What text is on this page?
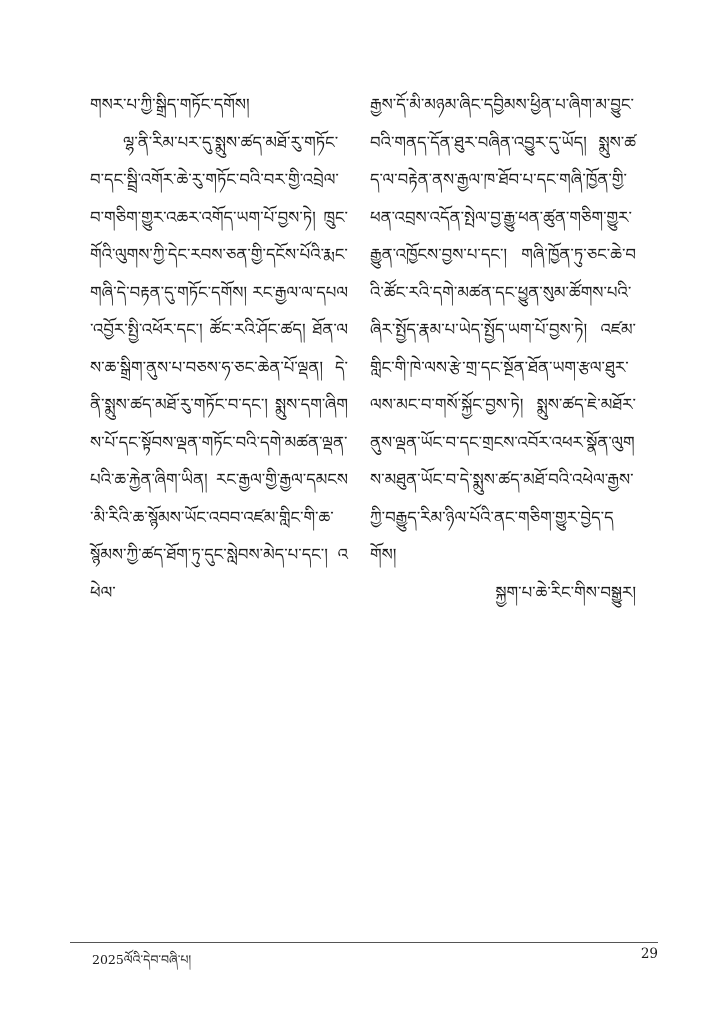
གསར་པ་ཀྱི་སྒྲིད་གཏོང་དགོས།

ལྷ་ནི་རིམ་པར་དུ་སྨུས་ཚད་མཐོ་རུ་གཏོང་བ་དང་སྦྲི་འགོར་ཆེ་རུ་གཏོང་བའི་བར་གྱི་འབྲེལ་བ་གཅིག་གྱུར་འཆར་འགོད་ཡག་པོ་བྱས་ཏེ། ཁྲུང་གོའི་ལུགས་ཀྱི་དེང་རབས་ཅན་གྱི་དངོས་པོའི་རྨང་གཞི་དེ་བརྟན་དུ་གཏོང་དགོས། རང་རྒྱལ་ལ་དཔལ་འབྱོར་སྤྱི་འཕོར་དང་། ཚོང་རའི་ཤོང་ཚད། ཐོན་ལས་ཆ་སྒྲིག་ནུས་པ་བཅས་ཧ་ཅང་ཆེན་པོ་ལྡན། དེ་ནི་སྨུས་ཚད་མཐོ་རུ་གཏོང་བ་དང་། སྨུས་དག་ཞིགས་པོ་དང་སྟོབས་ལྡན་གཏོང་བའི་དགེ་མཚན་ལྡན་པའི་ཆ་རྐྱེན་ཞིག་ཡིན། རང་རྒྱལ་གྱི་རྒྱལ་དམངས་མི་རིའི་ཆ་སྙོམས་ཡོང་འབབ་འཛམ་གླིང་གི་ཆ་སྙོམས་ཀྱི་ཚད་ཐོག་ཏུ་དུང་སླེབས་མེད་པ་དང་། འཕེལ་

རྒྱས་དོ་མི་མཉམ་ཞིང་དབྱིམས་ཕྱིན་པ་ཞིག་མ་བྱུང་བའི་གནད་དོན་ཐུར་བཞིན་འབྱུར་དུ་ཡོད། སྨུས་ཚད་ལ་བརྟེན་ནས་རྒྱལ་ཁ་ཐོབ་པ་དང་གཞི་ཁྱོན་གྱི་ཕན་འབྲས་འདོན་སྤེལ་བྱ་རྒྱུ་ཕན་ཚུན་གཅིག་གྱུར་རྒྱུན་འཁྱོངས་བྱས་པ་དང་། གཞི་ཁྱོན་ཏུ་ཅང་ཆེ་བའི་ཚོང་རའི་དགེ་མཚན་དང་ཕྱུན་སུམ་ཚོགས་པའི་ཞིར་སྤྱོད་རྣམ་པ་ཡེད་སྤྱོད་ཡག་པོ་བྱས་ཏེ། འཛམ་གླིང་གི་ཁེ་ལས་རྩེ་གྲ་དང་སྔོན་ཐོན་ཡག་རྩལ་ཐུར་ལས་མང་བ་གསོ་སྐྱོང་བྱས་ཏེ། སྨུས་ཚད་ཇེ་མཐོར་ནུས་ལྡན་ཡོང་བ་དང་གྲངས་འབོར་འཕར་སྣོན་ལུགས་མཐུན་ཡོང་བ་དེ་སྨུས་ཚད་མཐོ་བའི་འཕེལ་རྒྱས་ཀྱི་བརྒྱུད་རིམ་ཉིལ་པོའི་ནང་གཅིག་གྱུར་བྱེད་དགོས།

སྐྱག་པ་ཆེ་རིང་གིས་བསྒྱུར།

2025ལོའི་དེབ་བཞི་པ།	29
